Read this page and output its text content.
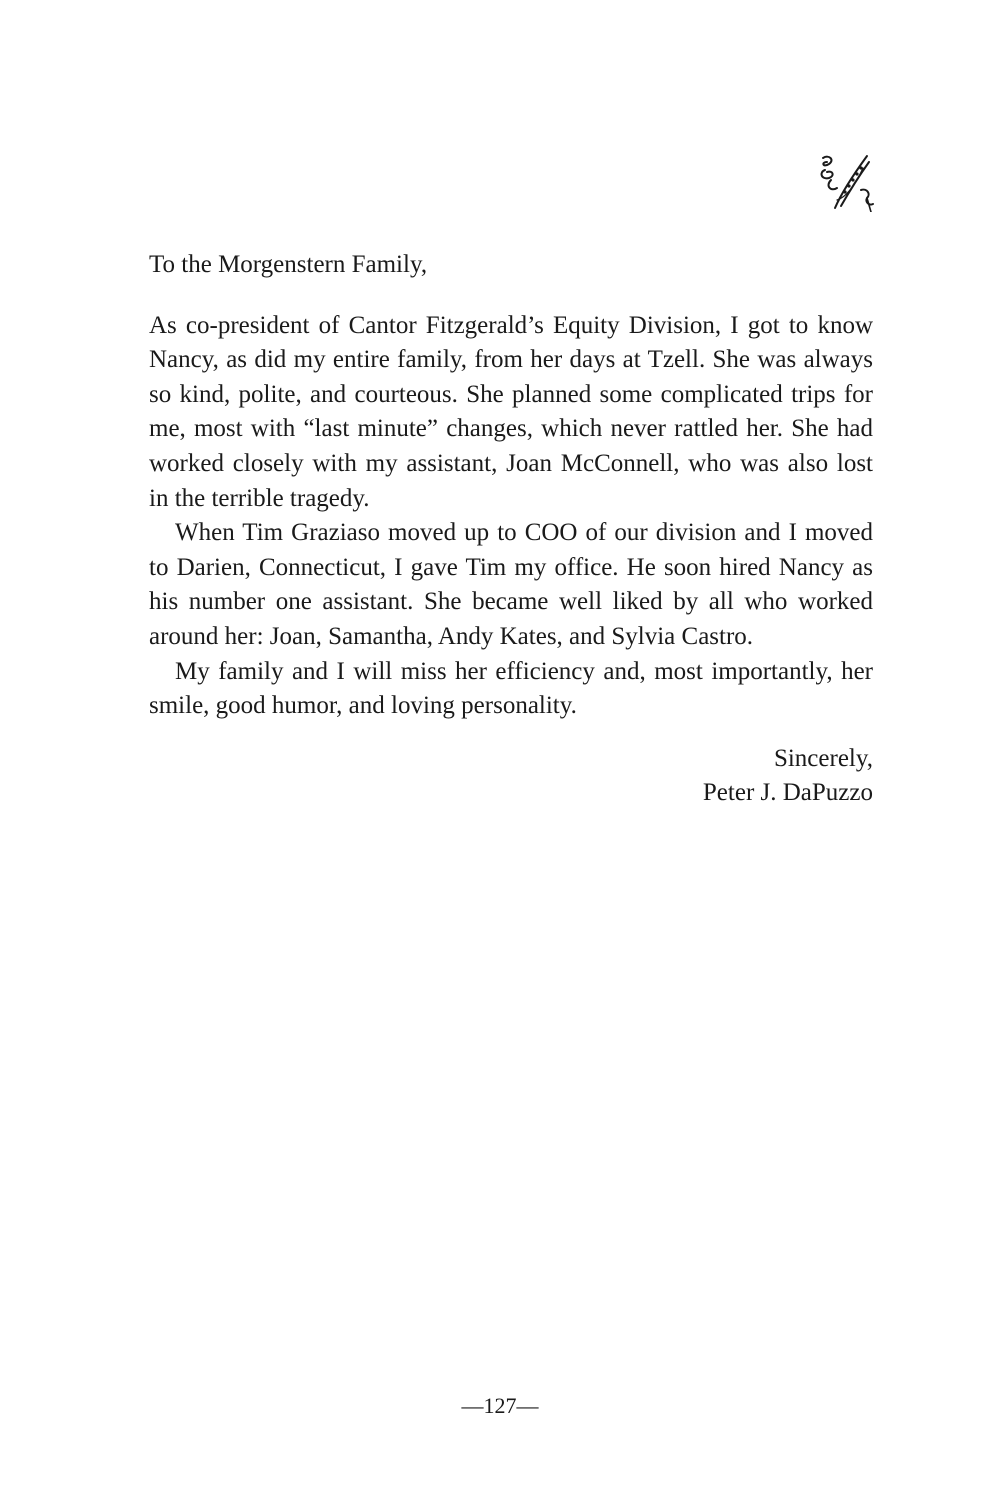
To the Morgenstern Family,

As co-president of Cantor Fitzgerald’s Equity Division, I got to know Nancy, as did my entire family, from her days at Tzell. She was always so kind, polite, and courteous. She planned some complicated trips for me, most with “last minute” changes, which never rattled her. She had worked closely with my assistant, Joan McConnell, who was also lost in the terrible tragedy.

When Tim Graziaso moved up to COO of our division and I moved to Darien, Connecticut, I gave Tim my office. He soon hired Nancy as his number one assistant. She became well liked by all who worked around her: Joan, Samantha, Andy Kates, and Sylvia Castro.

My family and I will miss her efficiency and, most importantly, her smile, good humor, and loving personality.

Sincerely,
Peter J. DaPuzzo
—127—
